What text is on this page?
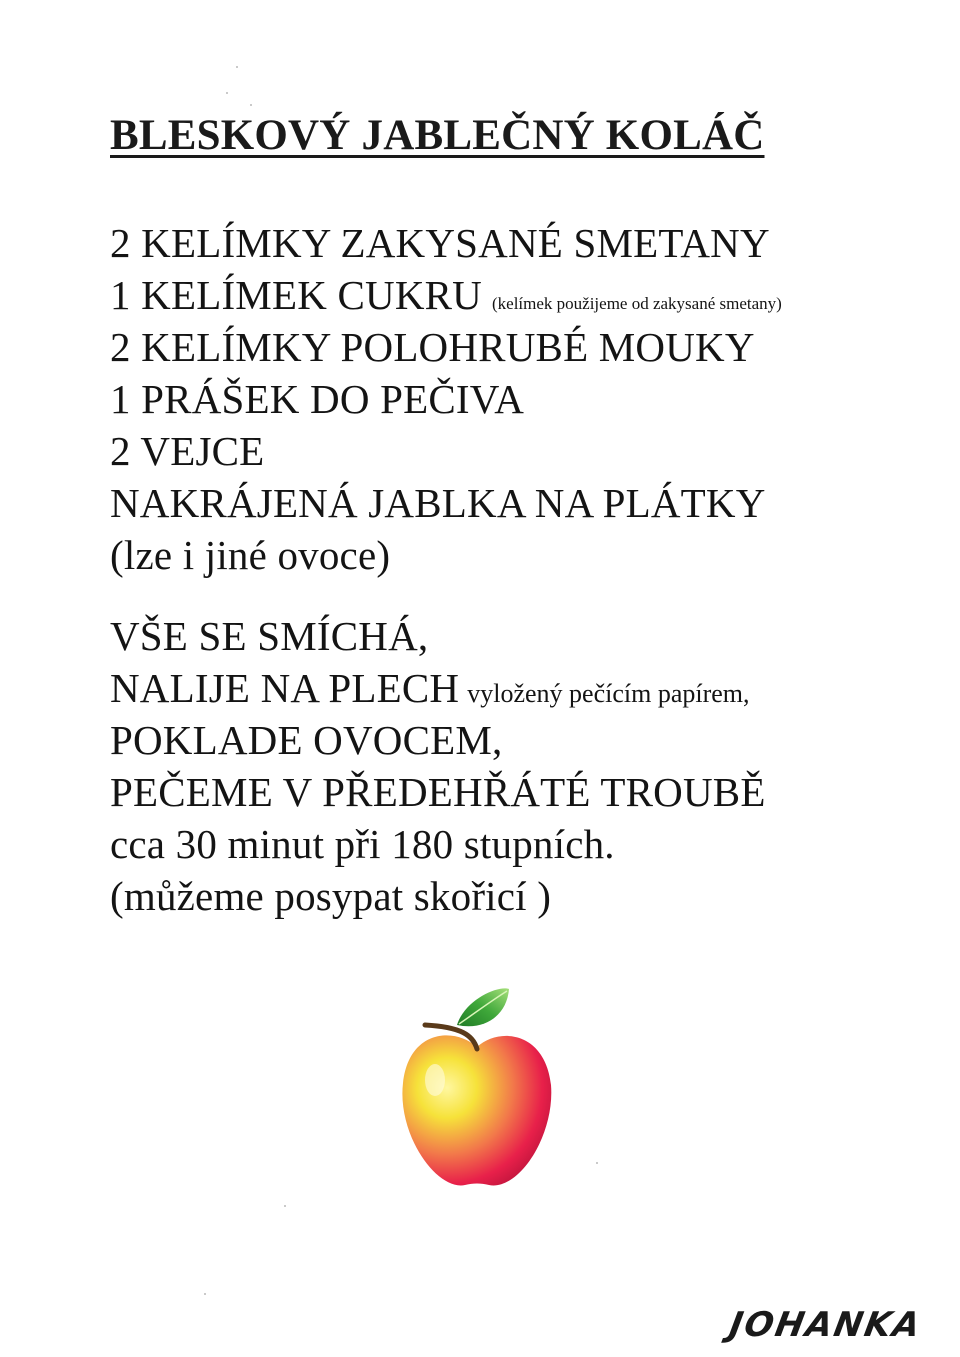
BLESKOVÝ JABLEČNÝ KOLÁČ
2 KELÍMKY ZAKYSANÉ SMETANY
1 KELÍMEK CUKRU (kelímek použijeme od zakysané smetany)
2 KELÍMKY POLOHRUBÉ MOUKY
1 PRÁŠEK DO PEČIVA
2 VEJCE
NAKRÁJENÁ JABLKA NA PLÁTKY
(lze i jiné ovoce)
VŠE SE SMÍCHÁ,
NALIJE NA PLECH vyložený pečícím papírem,
POKLADE OVOCEM,
PEČEME V PŘEDEHŘÁTÉ TROUBĚ
cca 30 minut při 180 stupních.
(můžeme posypat skořicí )
JOHANKA
